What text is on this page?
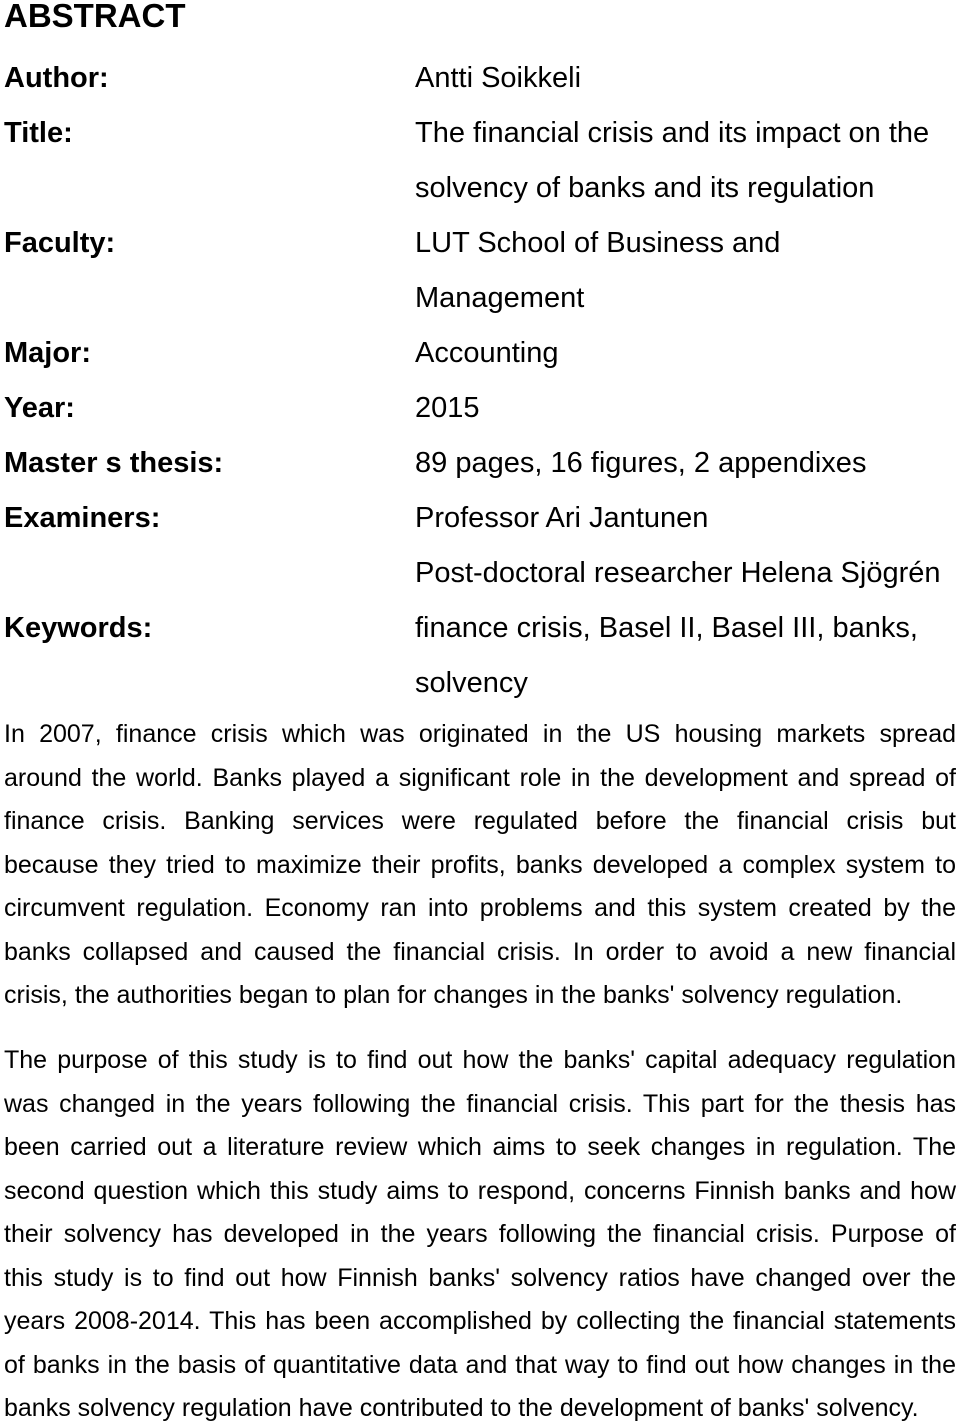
ABSTRACT
Author:	Antti Soikkeli
Title:	The financial crisis and its impact on the
solvency of banks and its regulation
Faculty:	LUT School of Business and
Management
Major:	Accounting
Year:	2015
Master s thesis:	89 pages, 16 figures, 2 appendixes
Examiners:	Professor Ari Jantunen
Post-doctoral researcher Helena Sjögrén
Keywords:	finance crisis, Basel II, Basel III, banks,
solvency
In 2007, finance crisis which was originated in the US housing markets spread
around the world. Banks played a significant role in the development and spread of
finance crisis. Banking services were regulated before the financial crisis but
because they tried to maximize their profits, banks developed a complex system to
circumvent regulation. Economy ran into problems and this system created by the
banks collapsed and caused the financial crisis. In order to avoid a new financial
crisis, the authorities began to plan for changes in the banks' solvency regulation.
The purpose of this study is to find out how the banks' capital adequacy regulation
was changed in the years following the financial crisis. This part for the thesis has
been carried out a literature review which aims to seek changes in regulation. The
second question which this study aims to respond, concerns Finnish banks and how
their solvency has developed in the years following the financial crisis. Purpose of
this study is to find out how Finnish banks' solvency ratios have changed over the
years 2008-2014. This has been accomplished by collecting the financial statements
of banks in the basis of quantitative data and that way to find out how changes in the
banks solvency regulation have contributed to the development of banks' solvency.
